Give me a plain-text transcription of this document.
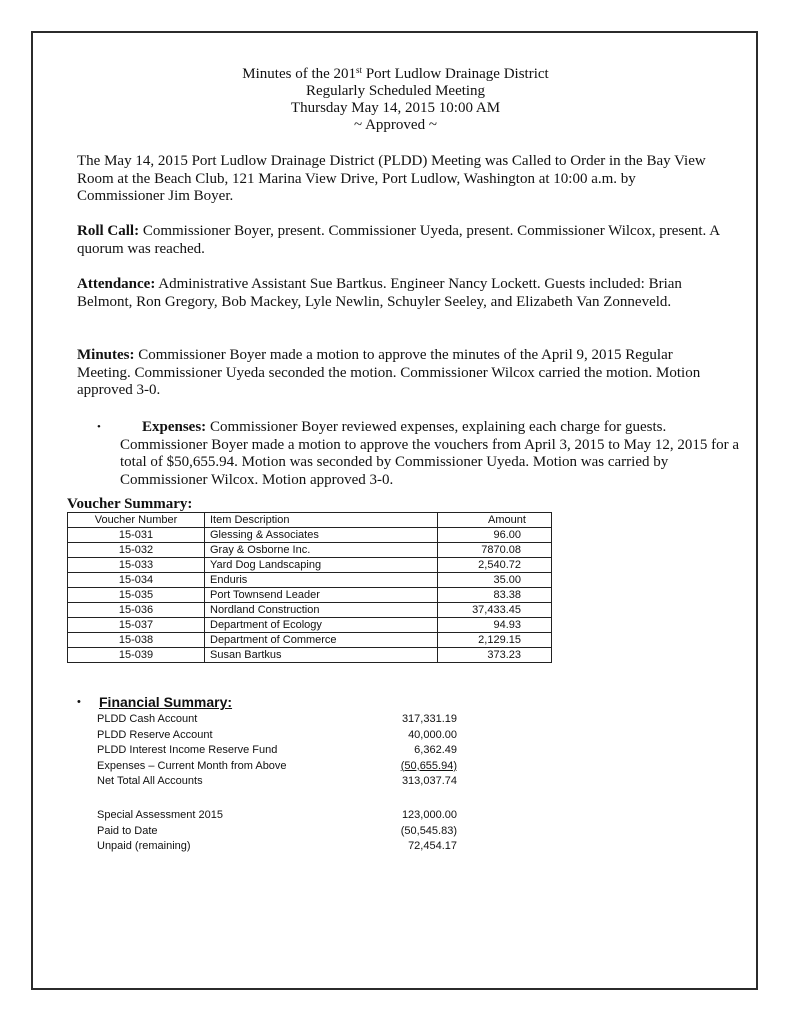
Minutes of the 201st Port Ludlow Drainage District
Regularly Scheduled Meeting
Thursday May 14, 2015 10:00 AM
~ Approved ~

The May 14, 2015 Port Ludlow Drainage District (PLDD) Meeting was Called to Order in the Bay View Room at the Beach Club, 121 Marina View Drive, Port Ludlow, Washington at 10:00 a.m. by Commissioner Jim Boyer.

Roll Call: Commissioner Boyer, present. Commissioner Uyeda, present. Commissioner Wilcox, present. A quorum was reached.

Attendance: Administrative Assistant Sue Bartkus. Engineer Nancy Lockett. Guests included: Brian Belmont, Ron Gregory, Bob Mackey, Lyle Newlin, Schuyler Seeley, and Elizabeth Van Zonneveld.

Minutes: Commissioner Boyer made a motion to approve the minutes of the April 9, 2015 Regular Meeting. Commissioner Uyeda seconded the motion. Commissioner Wilcox carried the motion. Motion approved 3-0.

•	Expenses: Commissioner Boyer reviewed expenses, explaining each charge for guests. Commissioner Boyer made a motion to approve the vouchers from April 3, 2015 to May 12, 2015 for a total of $50,655.94. Motion was seconded by Commissioner Uyeda. Motion was carried by Commissioner Wilcox. Motion approved 3-0.
Voucher Summary:
Voucher Number	Item Description	Amount
15-031	Glessing & Associates	96.00
15-032	Gray & Osborne Inc.	7870.08
15-033	Yard Dog Landscaping	2,540.72
15-034	Enduris	35.00
15-035	Port Townsend Leader	83.38
15-036	Nordland Construction	37,433.45
15-037	Department of Ecology	94.93
15-038	Department of Commerce	2,129.15
15-039	Susan Bartkus	373.23
• Financial Summary:
PLDD Cash Account	317,331.19
PLDD Reserve Account	40,000.00
PLDD Interest Income Reserve Fund	6,362.49
Expenses – Current Month from Above	(50,655.94)
Net Total All Accounts	313,037.74
Special Assessment 2015	123,000.00
Paid to Date	(50,545.83)
Unpaid (remaining)	72,454.17
